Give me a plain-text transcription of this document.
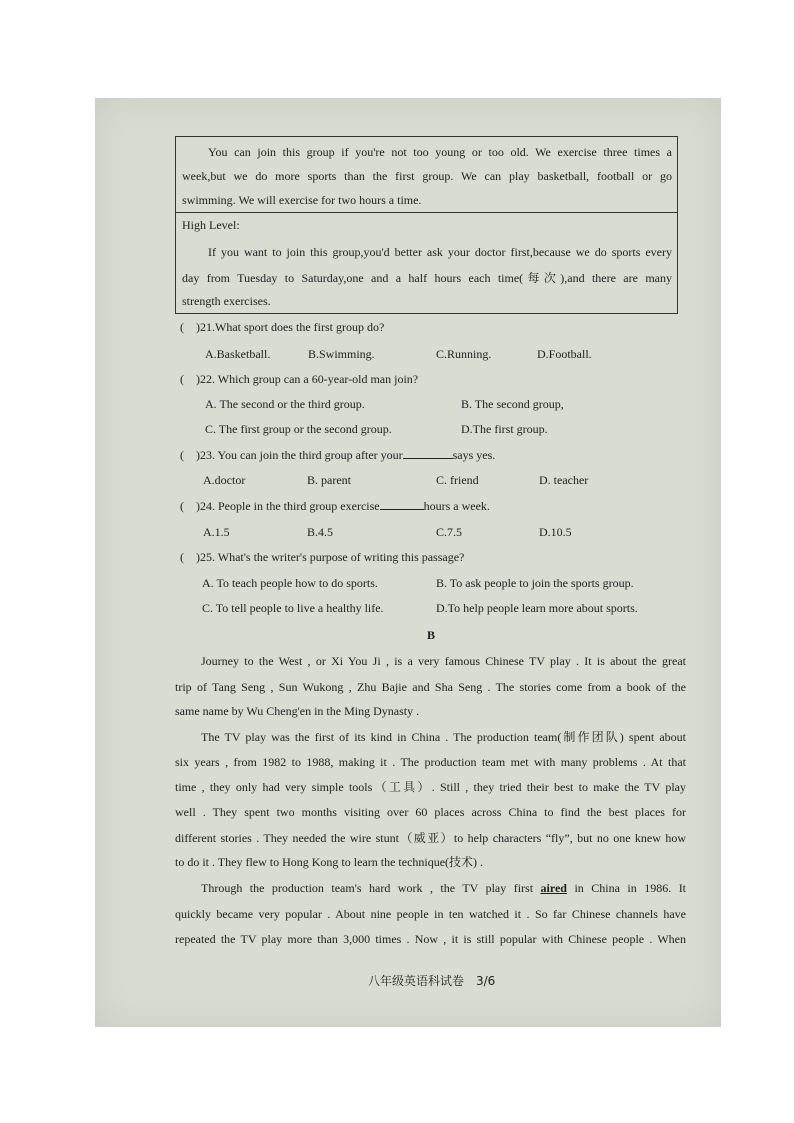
You can join this group if you're not too young or too old. We exercise three times a
week,but we do more sports than the first group. We can play basketball, football or go
swimming. We will exercise for two hours a time.
High Level:
If you want to join this group,you'd better ask your doctor first,because we do sports every
day from Tuesday to Saturday,one and a half hours each time(每次),and there are many
strength exercises.
( )21.What sport does the first group do?
A.Basketball.	B.Swimming.	C.Running.	D.Football.
( )22. Which group can a 60-year-old man join?
A. The second or the third group.	B. The second group,
C. The first group or the second group.	D.The first group.
( )23. You can join the third group after your	says yes.
A.doctor	B. parent	C. friend	D. teacher
( )24. People in the third group exercise	hours a week.
A.1.5	B.4.5	C.7.5	D.10.5
( )25. What's the writer's purpose of writing this passage?
A. To teach people how to do sports.	B. To ask people to join the sports group.
C. To tell people to live a healthy life.	D.To help people learn more about sports.
B
Journey to the West , or Xi You Ji , is a very famous Chinese TV play . It is about the great
trip of Tang Seng , Sun Wukong , Zhu Bajie and Sha Seng . The stories come from a book of the
same name by Wu Cheng'en in the Ming Dynasty .
The TV play was the first of its kind in China . The production team(制作团队) spent about
six years , from 1982 to 1988, making it . The production team met with many problems . At that
time , they only had very simple tools（工具）. Still , they tried their best to make the TV play
well . They spent two months visiting over 60 places across China to find the best places for
different stories . They needed the wire stunt（威亚）to help characters “fly”, but no one knew how
to do it . They flew to Hong Kong to learn the technique(技术) .
Through the production team's hard work , the TV play first aired in China in 1986. It
quickly became very popular . About nine people in ten watched it . So far Chinese channels have
repeated the TV play more than 3,000 times . Now , it is still popular with Chinese people . When
八年级英语科试卷　3/6
